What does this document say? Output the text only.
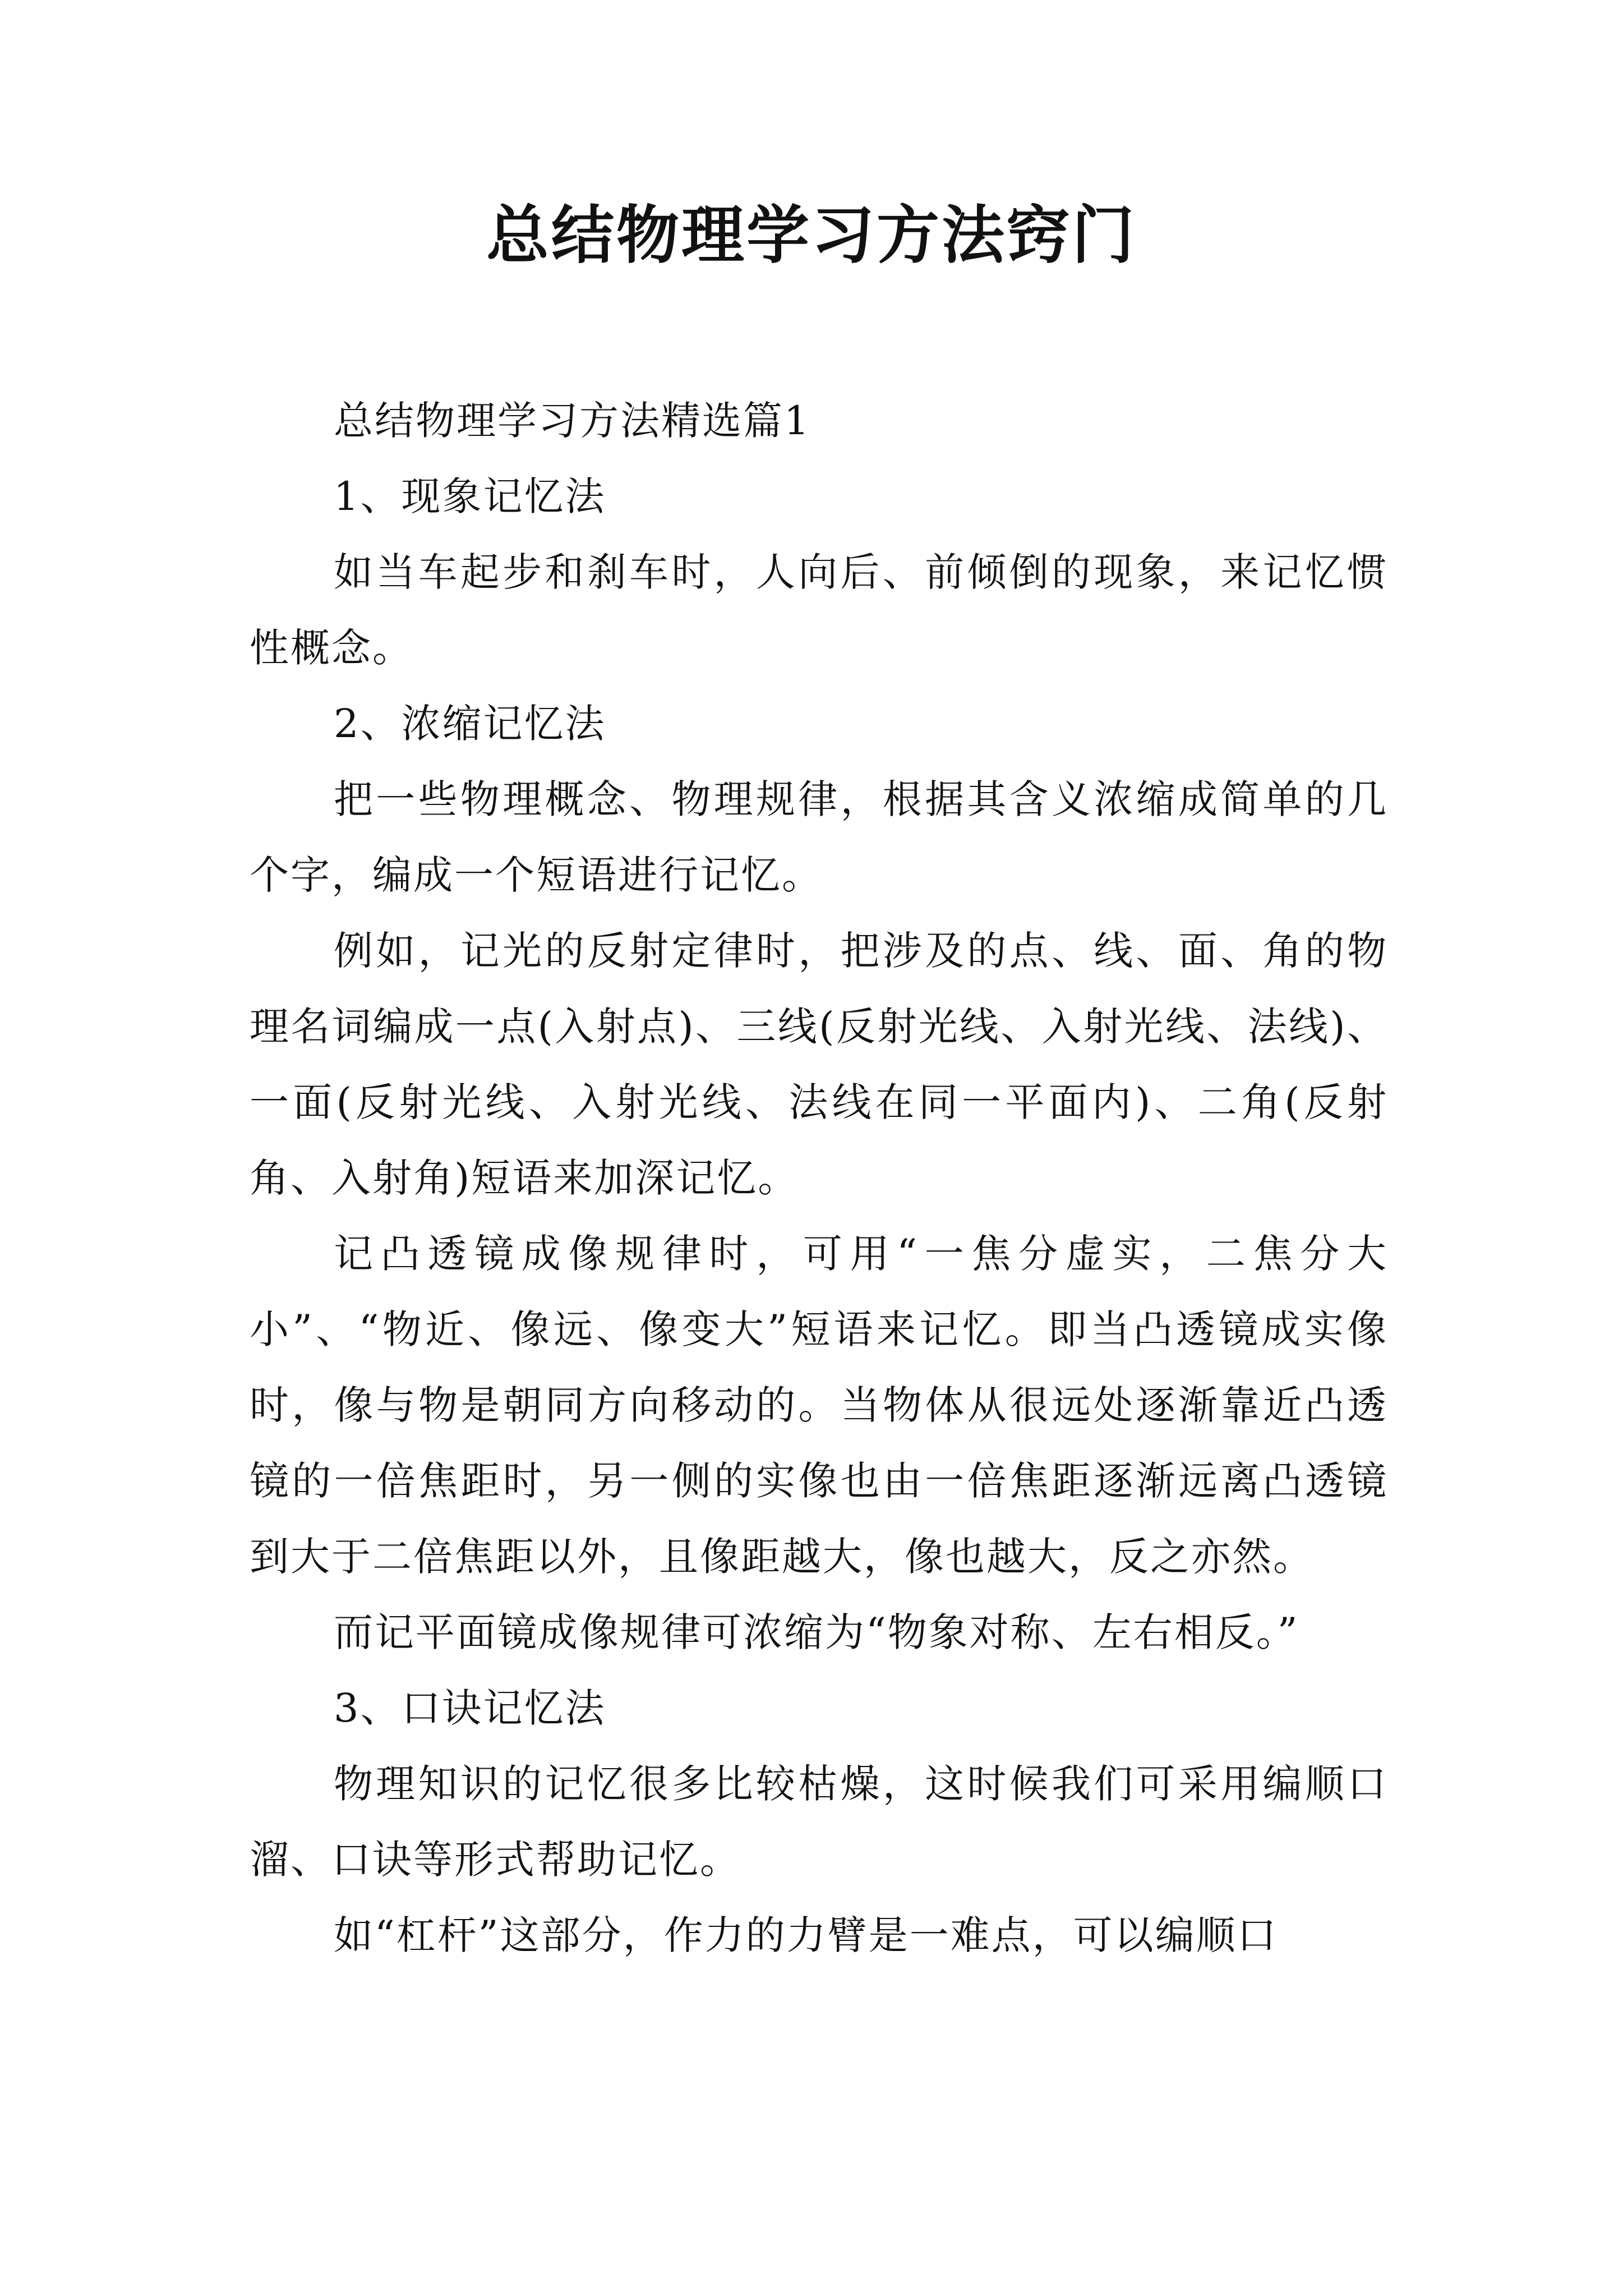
总结物理学习方法窍门

总结物理学习方法精选篇1

1、现象记忆法

如当车起步和刹车时，人向后、前倾倒的现象，来记忆惯性概念。

2、浓缩记忆法

把一些物理概念、物理规律，根据其含义浓缩成简单的几个字，编成一个短语进行记忆。

例如，记光的反射定律时，把涉及的点、线、面、角的物理名词编成一点(入射点)、三线(反射光线、入射光线、法线)、一面(反射光线、入射光线、法线在同一平面内)、二角(反射角、入射角)短语来加深记忆。

记凸透镜成像规律时，可用“一焦分虚实，二焦分大小”、“物近、像远、像变大”短语来记忆。即当凸透镜成实像时，像与物是朝同方向移动的。当物体从很远处逐渐靠近凸透镜的一倍焦距时，另一侧的实像也由一倍焦距逐渐远离凸透镜到大于二倍焦距以外，且像距越大，像也越大，反之亦然。

而记平面镜成像规律可浓缩为“物象对称、左右相反。”

3、口诀记忆法

物理知识的记忆很多比较枯燥，这时候我们可采用编顺口溜、口诀等形式帮助记忆。

如“杠杆”这部分，作力的力臂是一难点，可以编顺口
